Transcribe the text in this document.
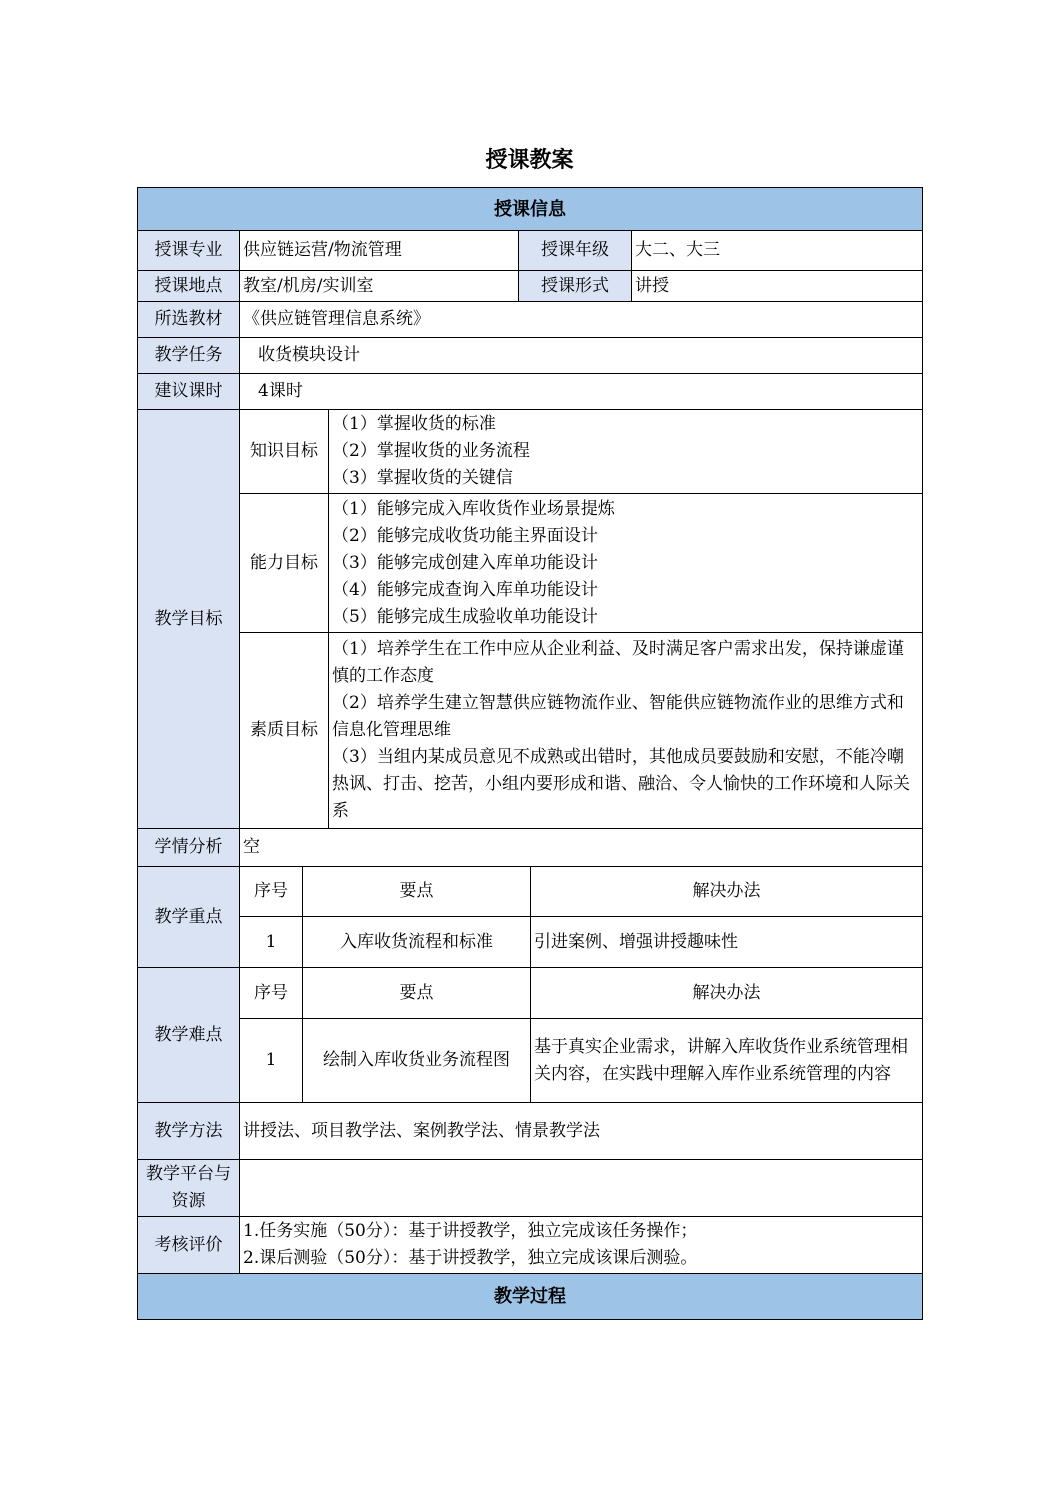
授课教案
授课信息						
授课专业	供应链运营/物流管理			授课年级		大二、大三
授课地点	教室/机房/实训室			授课形式		讲授
所选教材	《供应链管理信息系统》					
教学任务	收货模块设计					
建议课时	4课时					
教学目标	知识目标		（1）掌握收货的标准
（2）掌握收货的业务流程
（3）掌握收货的关键信			

	能力目标		（1）能够完成入库收货作业场景提炼
（2）能够完成收货功能主界面设计
（3）能够完成创建入库单功能设计
（4）能够完成查询入库单功能设计
（5）能够完成生成验收单功能设计			

	素质目标		（1）培养学生在工作中应从企业利益、及时满足客户需求出发，保持谦虚谨慎的工作态度
（2）培养学生建立智慧供应链物流作业、智能供应链物流作业的思维方式和信息化管理思维
（3）当组内某成员意见不成熟或出错时，其他成员要鼓励和安慰，不能冷嘲热讽、打击、挖苦，小组内要形成和谐、融洽、令人愉快的工作环境和人际关系			

学情分析	空					
教学重点	序号	要点			解决办法	
	1	入库收货流程和标准			引进案例、增强讲授趣味性	
教学难点	序号	要点			解决办法	
	1	绘制入库收货业务流程图			基于真实企业需求，讲解入库收货作业系统管理相关内容，在实践中理解入库作业系统管理的内容	
教学方法	讲授法、项目教学法、案例教学法、情景教学法					
教学平台与资源						
考核评价	1.任务实施（50分）：基于讲授教学，独立完成该任务操作；
2.课后测验（50分）：基于讲授教学，独立完成该课后测验。					

教学过程						
